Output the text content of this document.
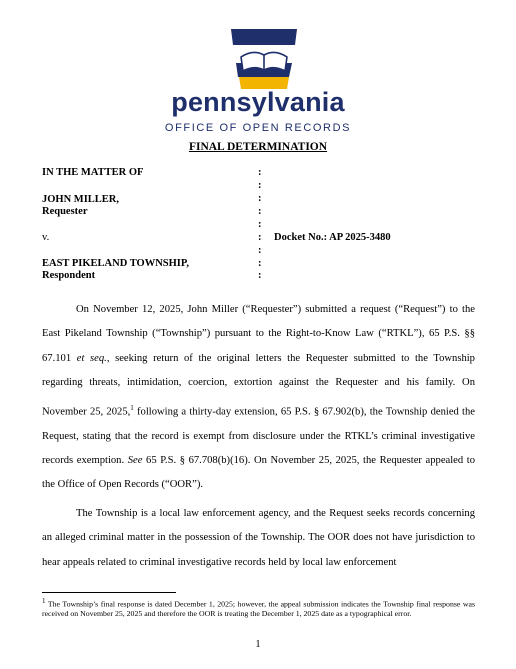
pennsylvania
OFFICE OF OPEN RECORDS
FINAL DETERMINATION
IN THE MATTER OF
JOHN MILLER,
Requester
v.	Docket No.: AP 2025-3480
EAST PIKELAND TOWNSHIP,
Respondent
:
:
:
:
:
:
:
:
:

On November 12, 2025, John Miller (“Requester”) submitted a request (“Request”) to the East Pikeland Township (“Township”) pursuant to the Right-to-Know Law (“RTKL”), 65 P.S. §§ 67.101 et seq., seeking return of the original letters the Requester submitted to the Township regarding threats, intimidation, coercion, extortion against the Requester and his family. On November 25, 2025,$^1$ following a thirty-day extension, 65 P.S. § 67.902(b), the Township denied the Request, stating that the record is exempt from disclosure under the RTKL’s criminal investigative records exemption. See 65 P.S. § 67.708(b)(16). On November 25, 2025, the Requester appealed to the Office of Open Records (“OOR”).

The Township is a local law enforcement agency, and the Request seeks records concerning an alleged criminal matter in the possession of the Township. The OOR does not have jurisdiction to hear appeals related to criminal investigative records held by local law enforcement

$^1$ The Township’s final response is dated December 1, 2025; however, the appeal submission indicates the Township final response was received on November 25, 2025 and therefore the OOR is treating the December 1, 2025 date as a typographical error.
1
